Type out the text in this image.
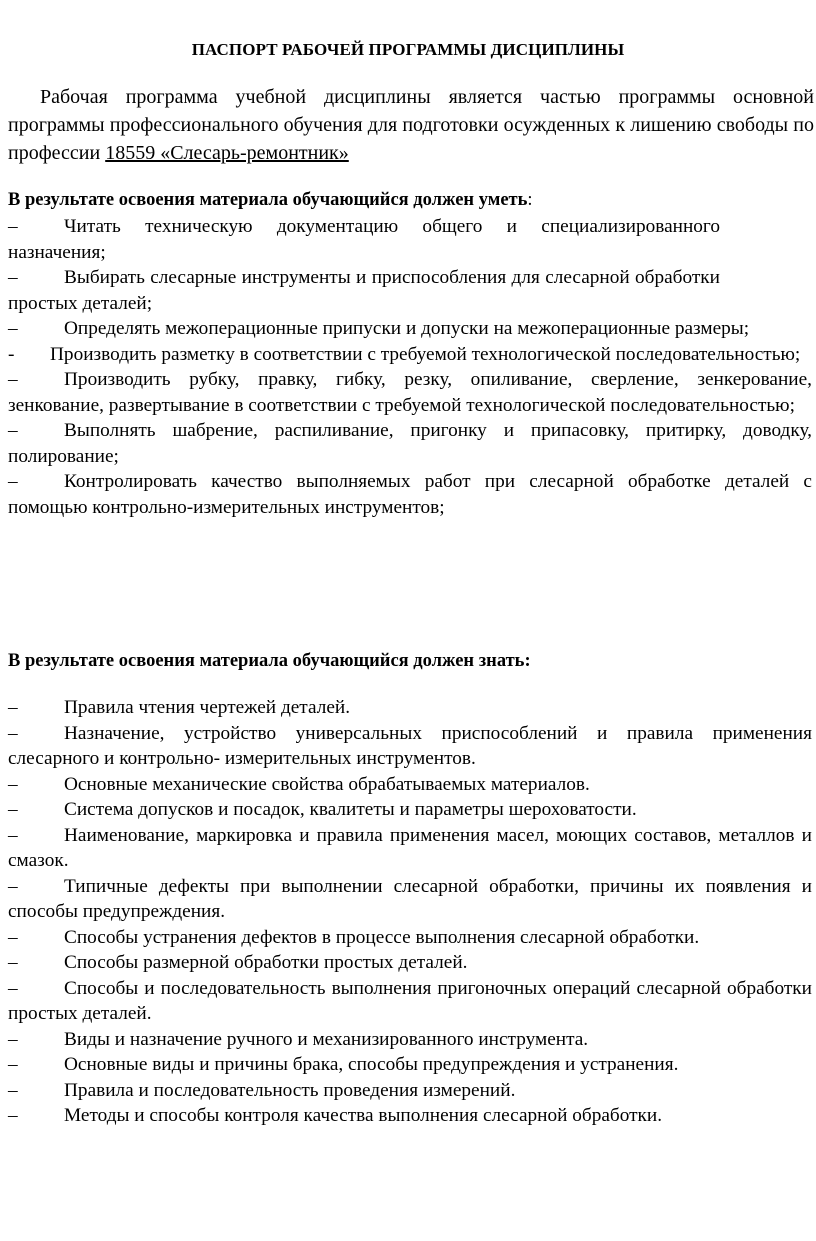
ПАСПОРТ РАБОЧЕЙ ПРОГРАММЫ ДИСЦИПЛИНЫ
Рабочая программа учебной дисциплины является частью программы основной программы профессионального обучения для подготовки осужденных к лишению свободы по профессии 18559 «Слесарь-ремонтник»
В результате освоения материала обучающийся должен уметь:
– Читать техническую документацию общего и специализированного назначения;
– Выбирать слесарные инструменты и приспособления для слесарной обработки простых деталей;
– Определять межоперационные припуски и допуски на межоперационные размеры;
- Производить разметку в соответствии с требуемой технологической последовательностью;
– Производить рубку, правку, гибку, резку, опиливание, сверление, зенкерование, зенкование, развертывание в соответствии с требуемой технологической последовательностью;
– Выполнять шабрение, распиливание, пригонку и припасовку, притирку, доводку, полирование;
– Контролировать качество выполняемых работ при слесарной обработке деталей с помощью контрольно-измерительных инструментов;
В результате освоения материала обучающийся должен знать:
– Правила чтения чертежей деталей.
– Назначение, устройство универсальных приспособлений и правила применения слесарного и контрольно- измерительных инструментов.
– Основные механические свойства обрабатываемых материалов.
– Система допусков и посадок, квалитеты и параметры шероховатости.
– Наименование, маркировка и правила применения масел, моющих составов, металлов и смазок.
– Типичные дефекты при выполнении слесарной обработки, причины их появления и способы предупреждения.
– Способы устранения дефектов в процессе выполнения слесарной обработки.
– Способы размерной обработки простых деталей.
– Способы и последовательность выполнения пригоночных операций слесарной обработки простых деталей.
– Виды и назначение ручного и механизированного инструмента.
– Основные виды и причины брака, способы предупреждения и устранения.
– Правила и последовательность проведения измерений.
– Методы и способы контроля качества выполнения слесарной обработки.
